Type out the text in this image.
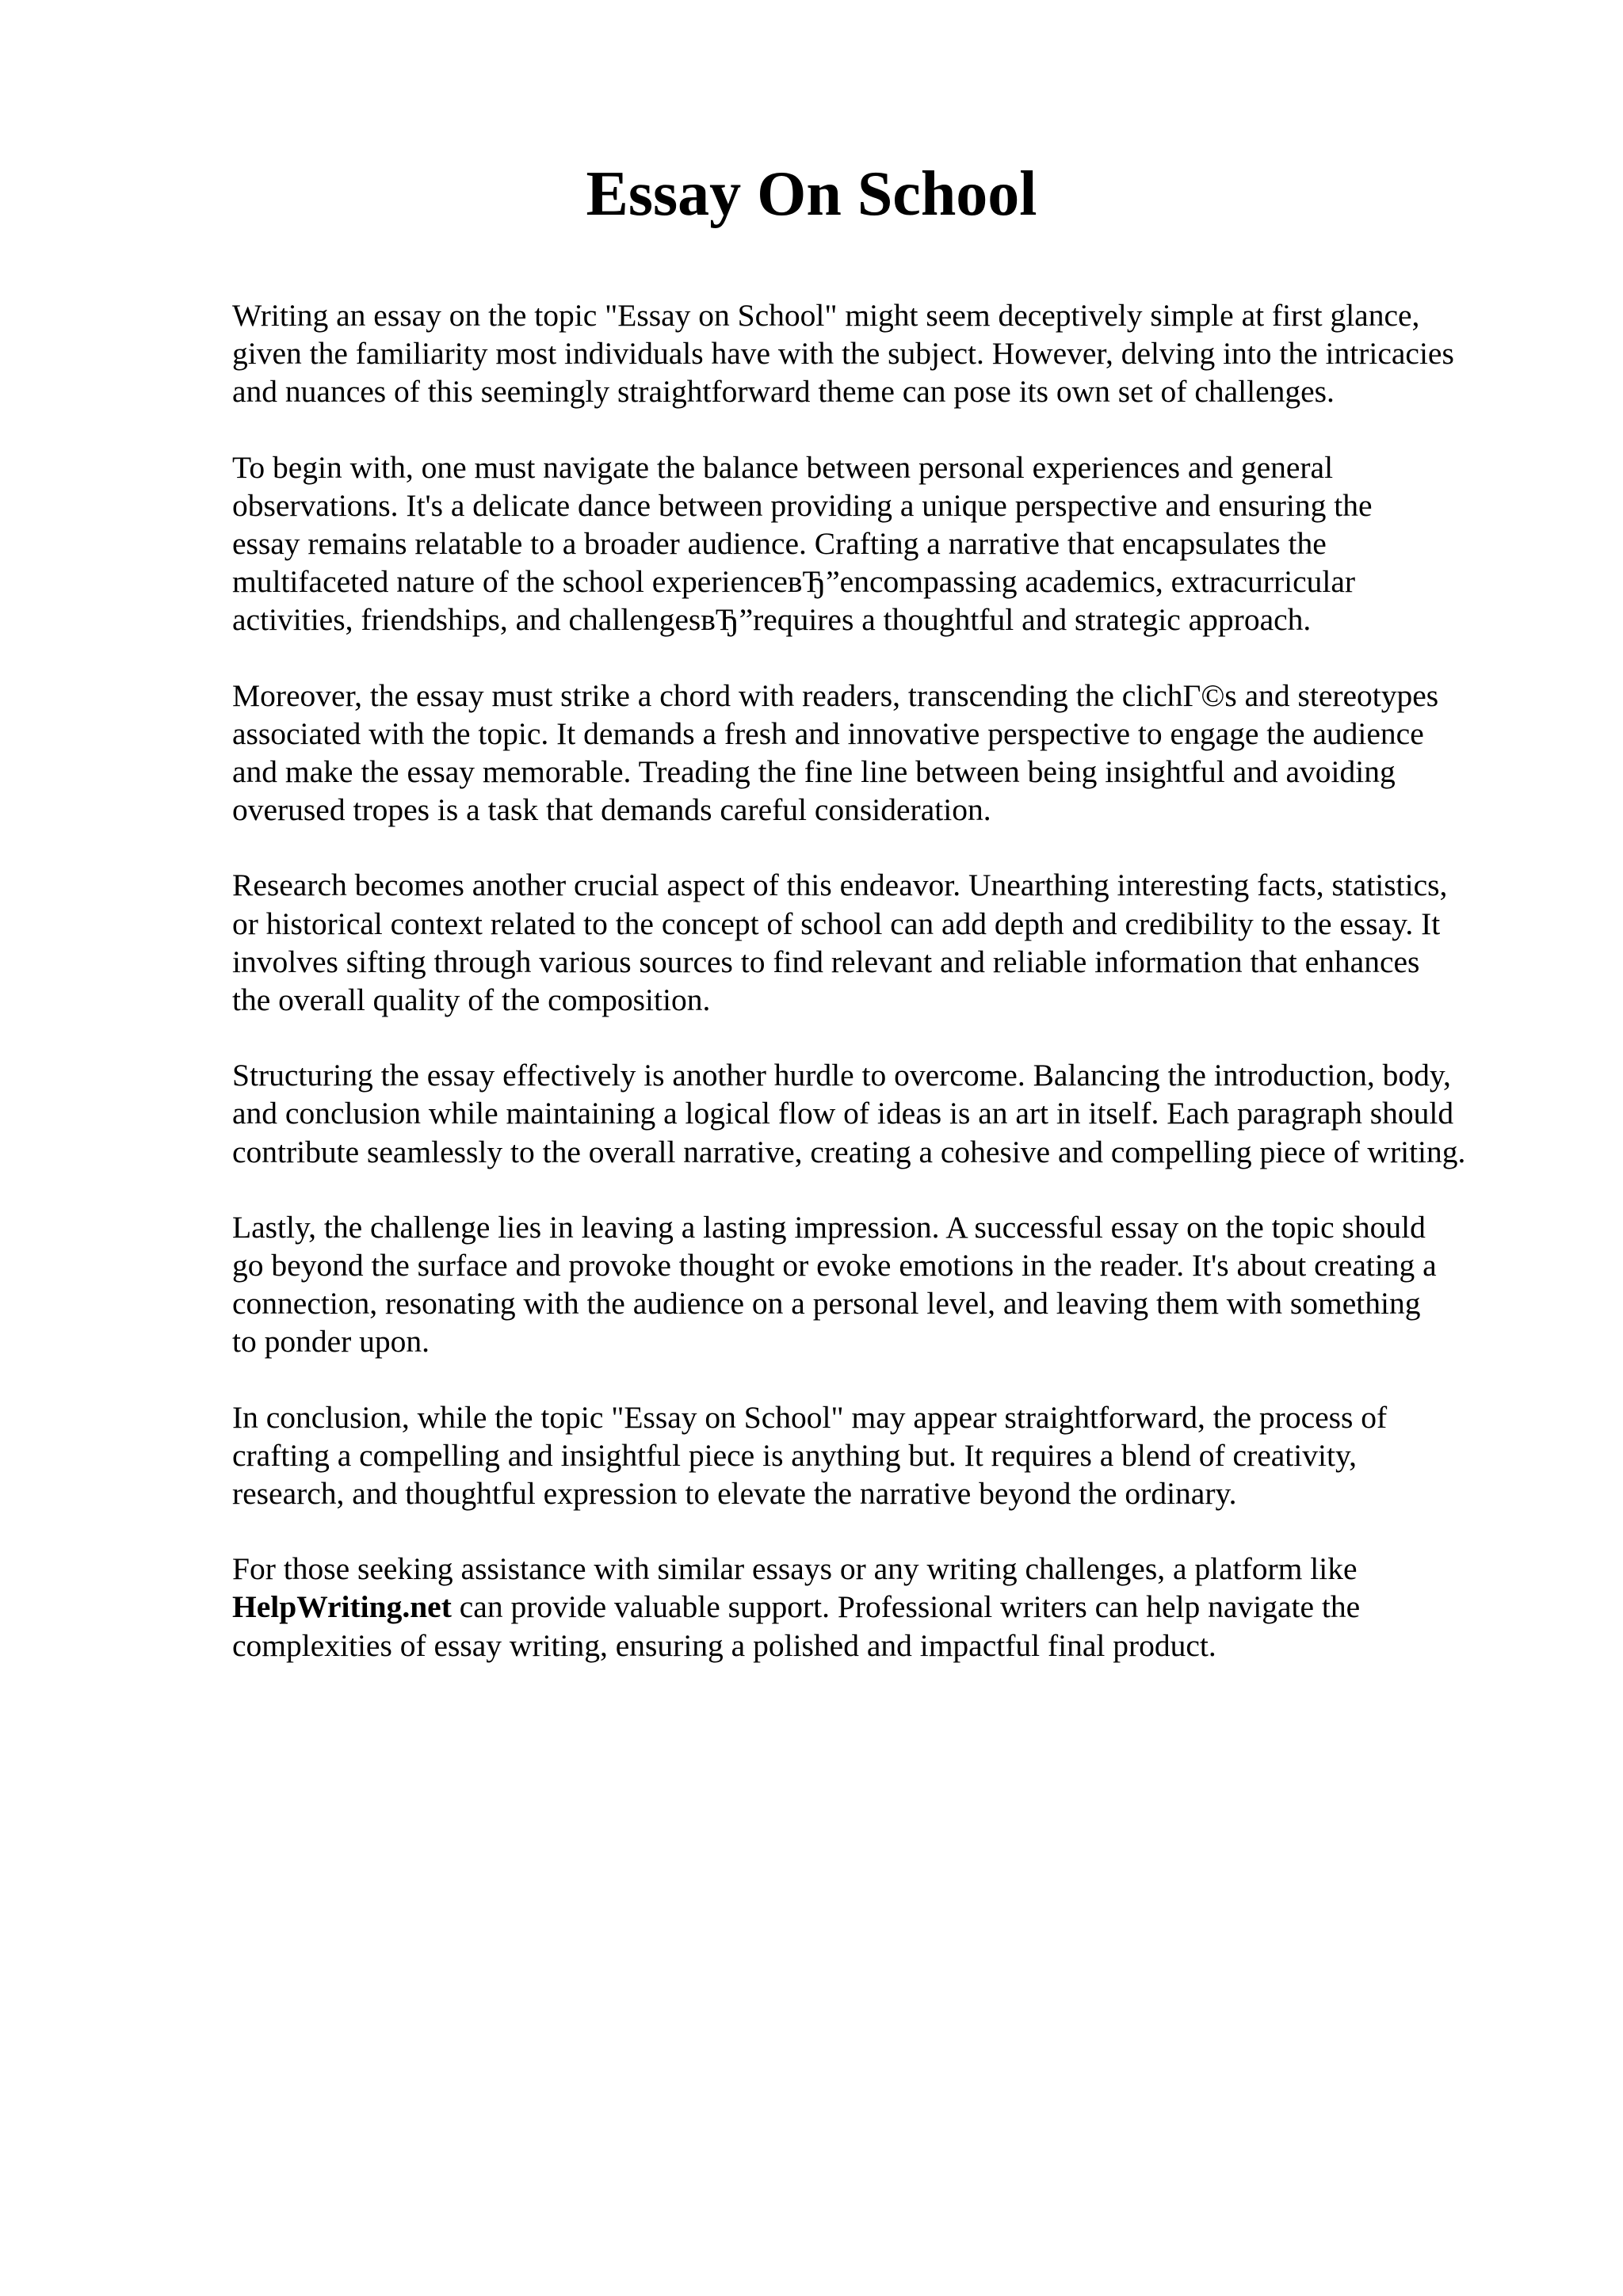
Essay On School

Writing an essay on the topic "Essay on School" might seem deceptively simple at first glance,
given the familiarity most individuals have with the subject. However, delving into the intricacies
and nuances of this seemingly straightforward theme can pose its own set of challenges.

To begin with, one must navigate the balance between personal experiences and general
observations. It's a delicate dance between providing a unique perspective and ensuring the
essay remains relatable to a broader audience. Crafting a narrative that encapsulates the
multifaceted nature of the school experienceвЂ”encompassing academics, extracurricular
activities, friendships, and challengesвЂ”requires a thoughtful and strategic approach.

Moreover, the essay must strike a chord with readers, transcending the clichГ©s and stereotypes
associated with the topic. It demands a fresh and innovative perspective to engage the audience
and make the essay memorable. Treading the fine line between being insightful and avoiding
overused tropes is a task that demands careful consideration.

Research becomes another crucial aspect of this endeavor. Unearthing interesting facts, statistics,
or historical context related to the concept of school can add depth and credibility to the essay. It
involves sifting through various sources to find relevant and reliable information that enhances
the overall quality of the composition.

Structuring the essay effectively is another hurdle to overcome. Balancing the introduction, body,
and conclusion while maintaining a logical flow of ideas is an art in itself. Each paragraph should
contribute seamlessly to the overall narrative, creating a cohesive and compelling piece of writing.

Lastly, the challenge lies in leaving a lasting impression. A successful essay on the topic should
go beyond the surface and provoke thought or evoke emotions in the reader. It's about creating a
connection, resonating with the audience on a personal level, and leaving them with something
to ponder upon.

In conclusion, while the topic "Essay on School" may appear straightforward, the process of
crafting a compelling and insightful piece is anything but. It requires a blend of creativity,
research, and thoughtful expression to elevate the narrative beyond the ordinary.

For those seeking assistance with similar essays or any writing challenges, a platform like
HelpWriting.net can provide valuable support. Professional writers can help navigate the
complexities of essay writing, ensuring a polished and impactful final product.
